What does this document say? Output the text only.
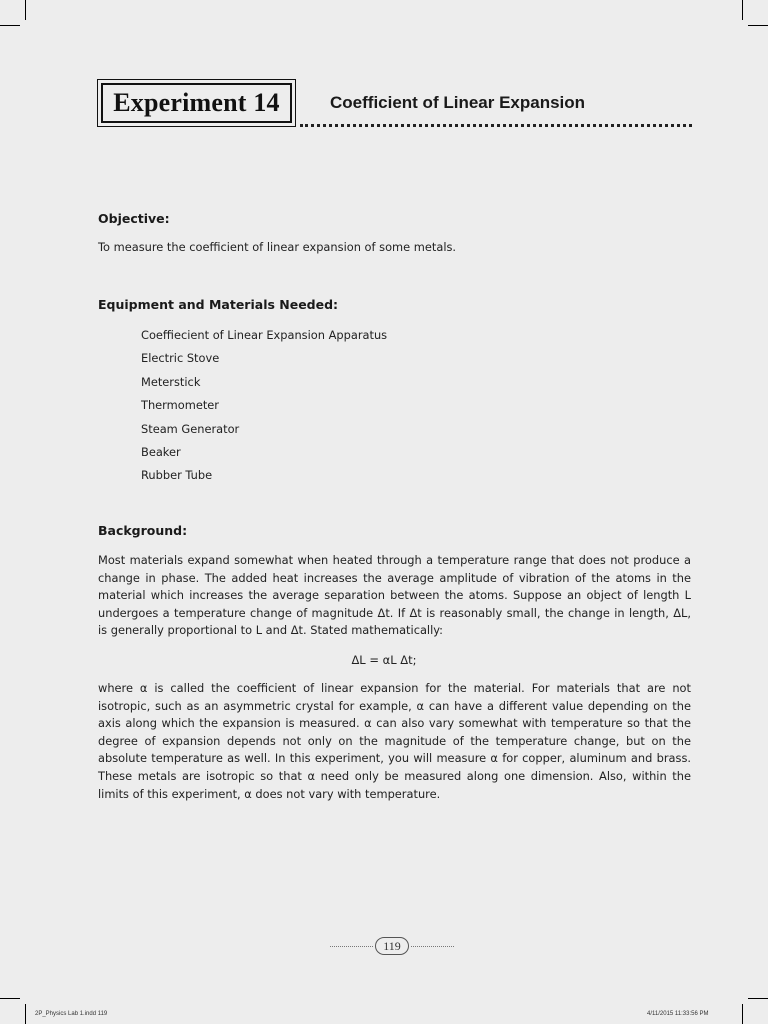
Experiment 14	Coefficient of Linear Expansion
Objective:
To measure the coefficient of linear expansion of some metals.
Equipment and Materials Needed:
Coeffiecient of Linear Expansion Apparatus
Electric Stove
Meterstick
Thermometer
Steam Generator
Beaker
Rubber Tube
Background:
Most materials expand somewhat when heated through a temperature range that does not produce a change in phase. The added heat increases the average amplitude of vibration of the atoms in the material which increases the average separation between the atoms. Suppose an object of length L undergoes a temperature change of magnitude Δt. If Δt is reasonably small, the change in length, ΔL, is generally proportional to L and Δt. Stated mathematically:
ΔL = αL Δt;
where α is called the coefficient of linear expansion for the material. For materials that are not isotropic, such as an asymmetric crystal for example, α can have a different value depending on the axis along which the expansion is measured. α can also vary somewhat with temperature so that the degree of expansion depends not only on the magnitude of the temperature change, but on the absolute temperature as well. In this experiment, you will measure α for copper, aluminum and brass. These metals are isotropic so that α need only be measured along one dimension. Also, within the limits of this experiment, α does not vary with temperature.
119
2P_Physics Lab 1.indd 119	4/11/2015 11:33:56 PM
